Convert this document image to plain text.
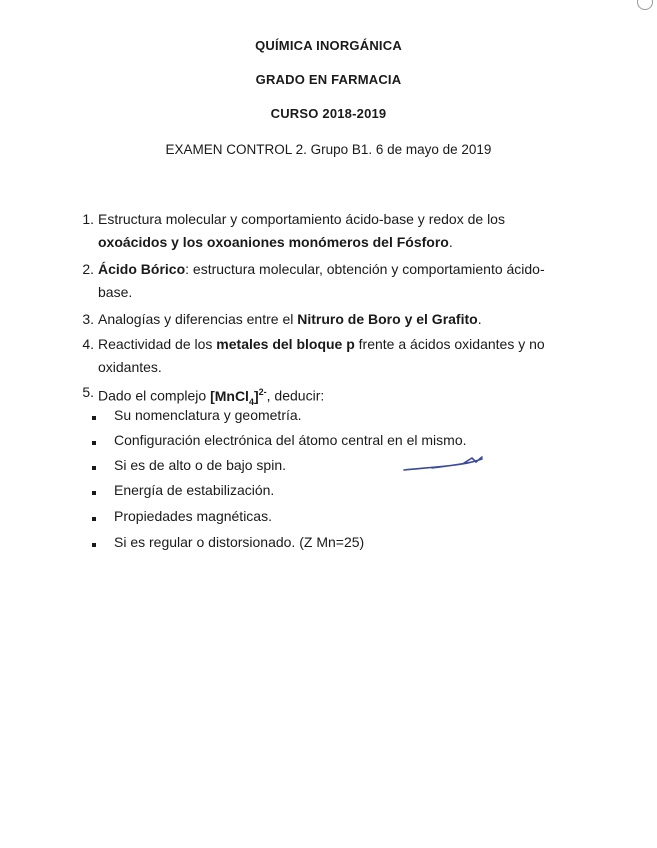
QUÍMICA INORGÁNICA
GRADO EN FARMACIA
CURSO 2018-2019
EXAMEN CONTROL 2. Grupo B1. 6 de mayo de 2019
1. Estructura molecular y comportamiento ácido-base y redox de los
oxoácidos y los oxoaniones monómeros del Fósforo.
2. Ácido Bórico: estructura molecular, obtención y comportamiento ácido-
base.
3. Analogías y diferencias entre el Nitruro de Boro y el Grafito.
4. Reactividad de los metales del bloque p frente a ácidos oxidantes y no
oxidantes.
5. Dado el complejo [MnCl$_4$]$^{2-}$, deducir:
Su nomenclatura y geometría.
Configuración electrónica del átomo central en el mismo.
Si es de alto o de bajo spin.
Energía de estabilización.
Propiedades magnéticas.
Si es regular o distorsionado. (Z Mn=25)
